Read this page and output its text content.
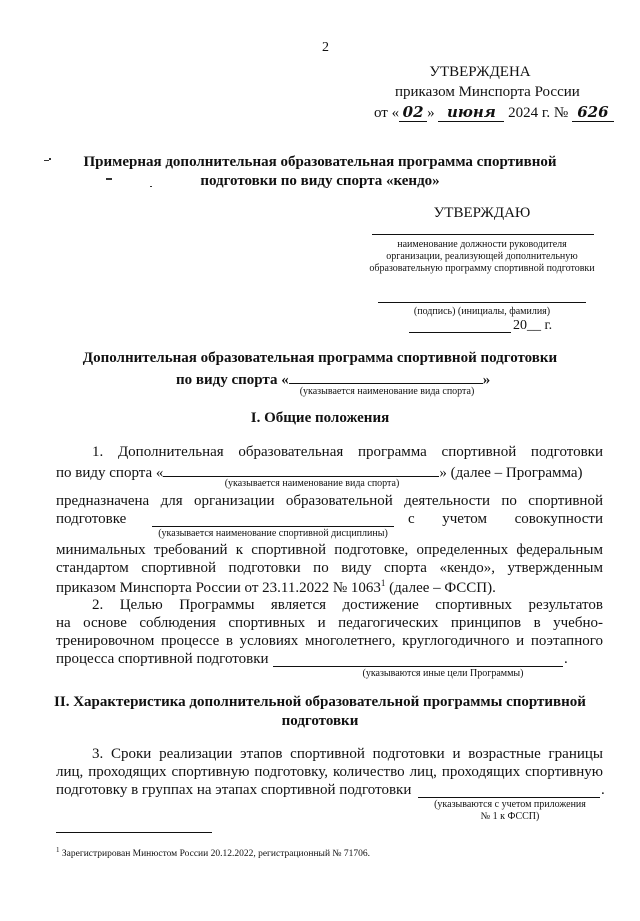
2
УТВЕРЖДЕНА
приказом Минспорта России
от « 02 » июня 2024 г. № 626
Примерная дополнительная образовательная программа спортивной
подготовки по виду спорта «кендо»
УТВЕРЖДАЮ
наименование должности руководителя
организации, реализующей дополнительную
образовательную программу спортивной подготовки
(подпись) (инициалы, фамилия)
20__ г.
Дополнительная образовательная программа спортивной подготовки
по виду спорта «	»
(указывается наименование вида спорта)
I. Общие положения
1. Дополнительная образовательная программа спортивной подготовки
по виду спорта «	» (далее – Программа)
(указывается наименование вида спорта)
предназначена для организации образовательной деятельности по спортивной
подготовке	с учетом совокупности
(указывается наименование спортивной дисциплины)
минимальных требований к спортивной подготовке, определенных федеральным
стандартом спортивной подготовки по виду спорта «кендо», утвержденным
приказом Минспорта России от 23.11.2022 № 1063$^1$ (далее – ФССП).
2. Целью Программы является достижение спортивных результатов
на основе соблюдения спортивных и педагогических принципов в учебно-
тренировочном процессе в условиях многолетнего, круглогодичного и поэтапного
процесса спортивной подготовки	.
(указываются иные цели Программы)
II. Характеристика дополнительной образовательной программы спортивной
подготовки
3. Сроки реализации этапов спортивной подготовки и возрастные границы
лиц, проходящих спортивную подготовку, количество лиц, проходящих спортивную
подготовку в группах на этапах спортивной подготовки	.
(указываются с учетом приложения
№ 1 к ФССП)
$^1$ Зарегистрирован Минюстом России 20.12.2022, регистрационный № 71706.
